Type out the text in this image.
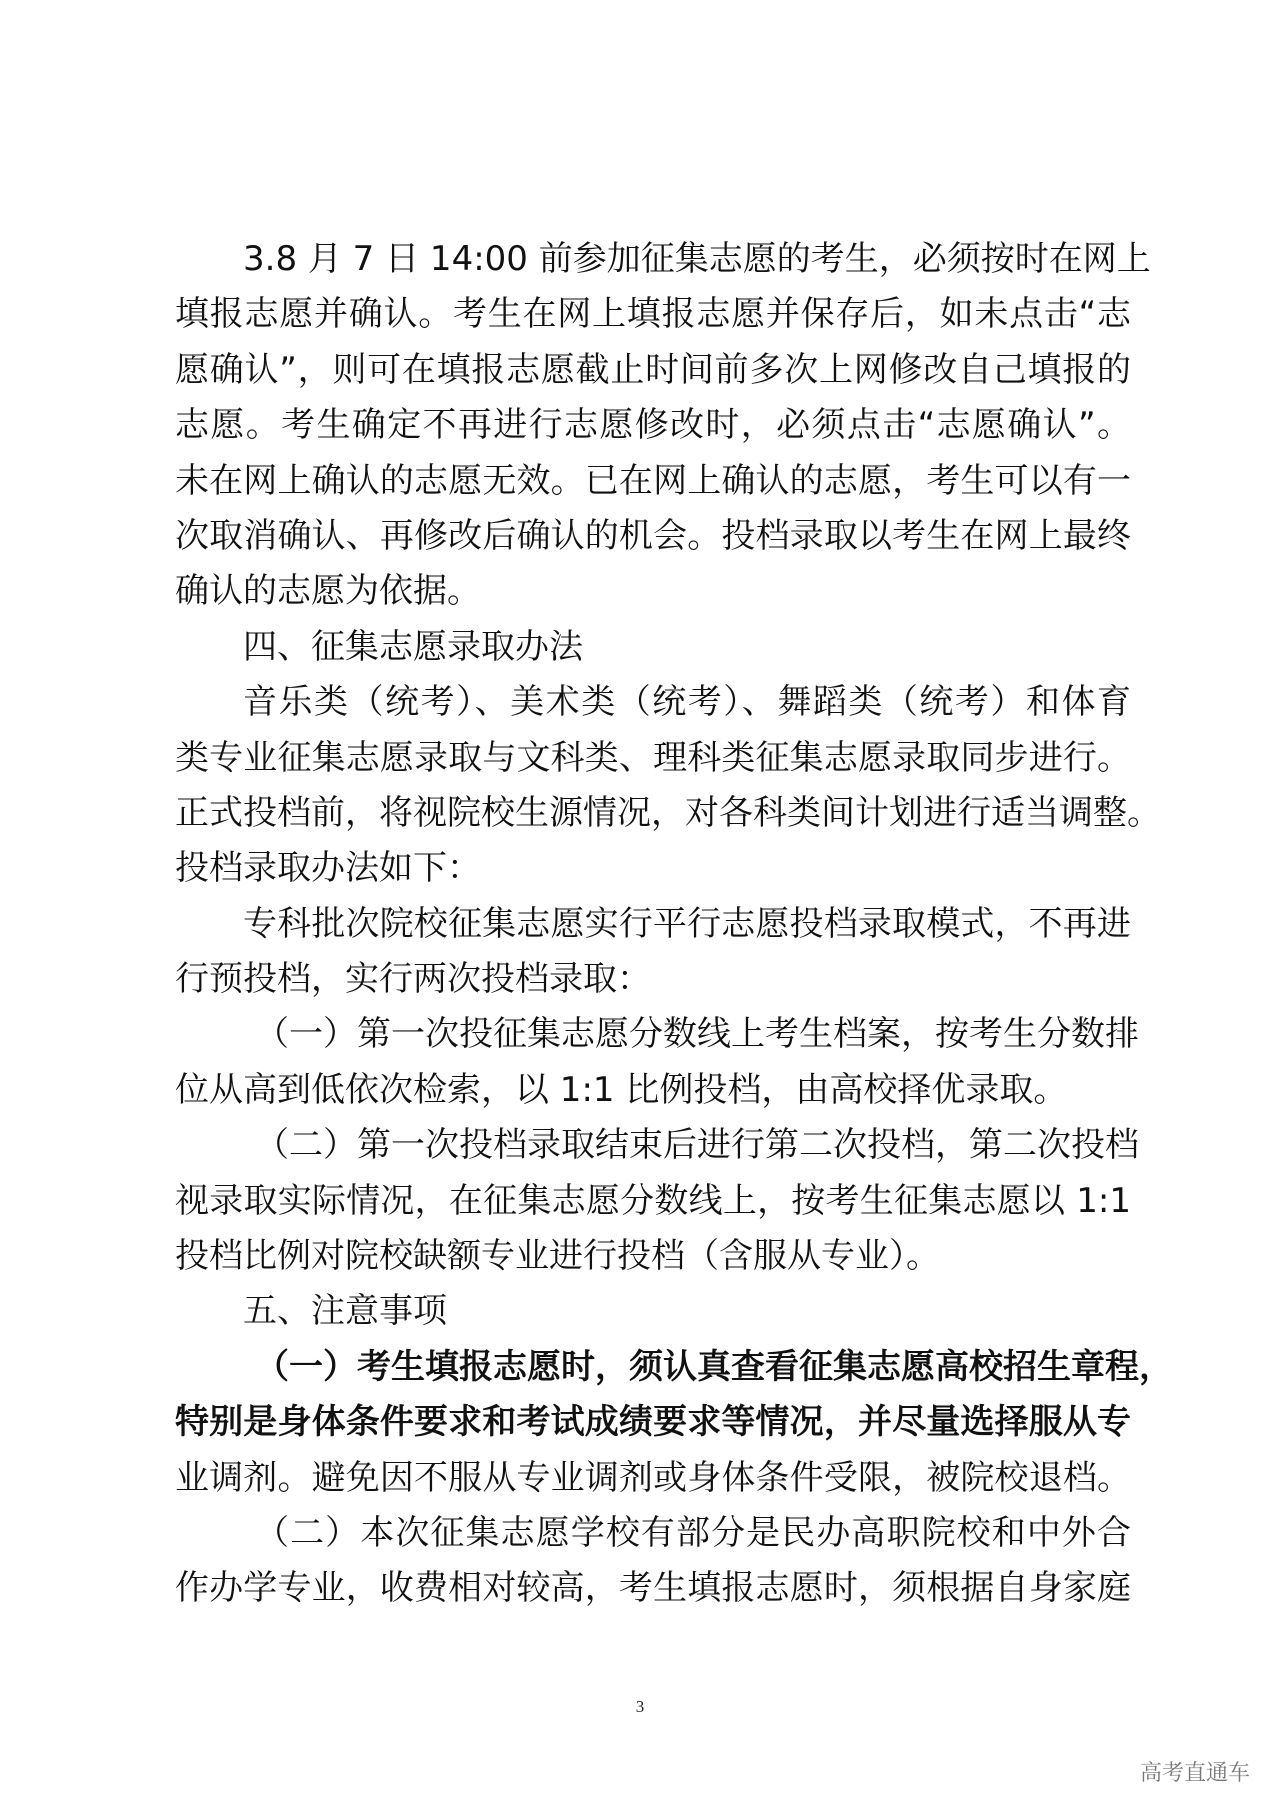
3.8 月 7 日 14:00 前参加征集志愿的考生，必须按时在网上
填报志愿并确认。考生在网上填报志愿并保存后，如未点击“志
愿确认”，则可在填报志愿截止时间前多次上网修改自己填报的
志愿。考生确定不再进行志愿修改时，必须点击“志愿确认”。
未在网上确认的志愿无效。已在网上确认的志愿，考生可以有一
次取消确认、再修改后确认的机会。投档录取以考生在网上最终
确认的志愿为依据。
四、征集志愿录取办法
音乐类（统考）、美术类（统考）、舞蹈类（统考）和体育
类专业征集志愿录取与文科类、理科类征集志愿录取同步进行。
正式投档前，将视院校生源情况，对各科类间计划进行适当调整。
投档录取办法如下：
专科批次院校征集志愿实行平行志愿投档录取模式，不再进
行预投档，实行两次投档录取：
（一）第一次投征集志愿分数线上考生档案，按考生分数排
位从高到低依次检索，以 1:1 比例投档，由高校择优录取。
（二）第一次投档录取结束后进行第二次投档，第二次投档
视录取实际情况，在征集志愿分数线上，按考生征集志愿以 1:1
投档比例对院校缺额专业进行投档（含服从专业）。
五、注意事项
（一）考生填报志愿时，须认真查看征集志愿高校招生章程，
特别是身体条件要求和考试成绩要求等情况，并尽量选择服从专
业调剂。避免因不服从专业调剂或身体条件受限，被院校退档。
（二）本次征集志愿学校有部分是民办高职院校和中外合
作办学专业，收费相对较高，考生填报志愿时，须根据自身家庭
3
高考直通车
